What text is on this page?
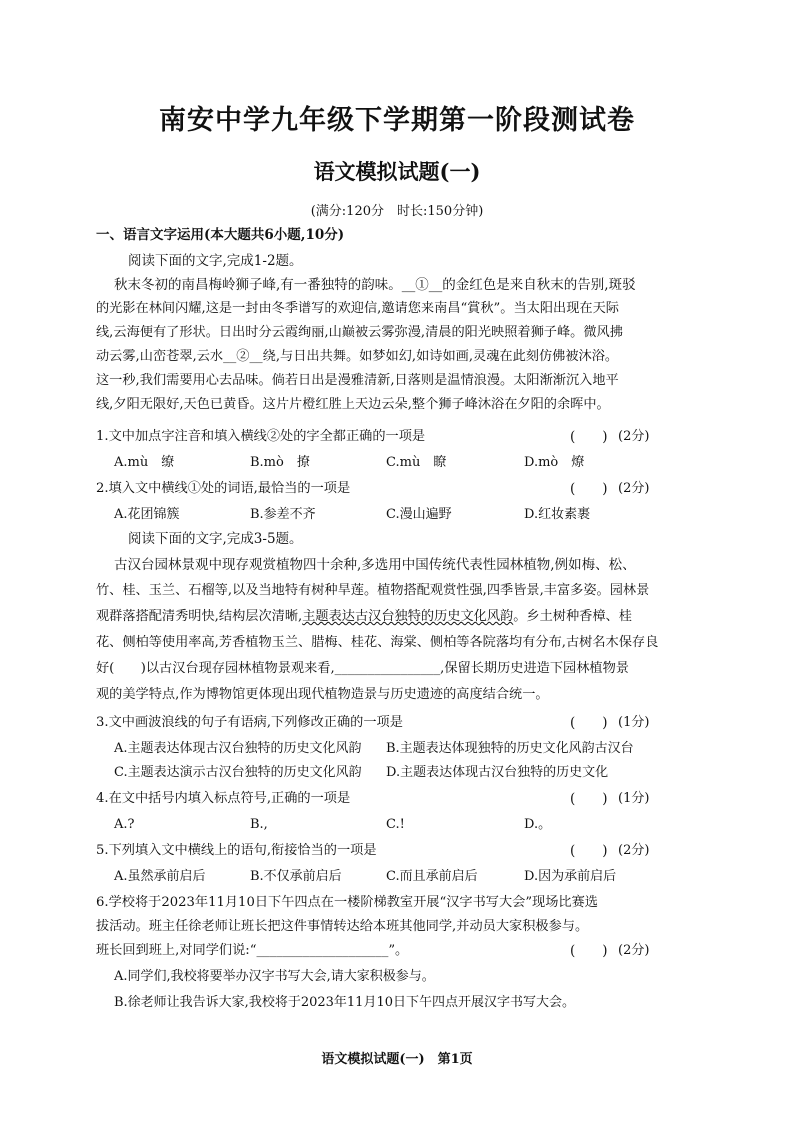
南安中学九年级下学期第一阶段测试卷
语文模拟试题(一)
(满分:120分　时长:150分钟)
一、语言文字运用(本大题共6小题,10分)
阅读下面的文字,完成1-2题。
秋末冬初的南昌梅岭狮子峰,有一番独特的韵味。__①__的金红色是来自秋末的告别,斑驳
的光影在林间闪耀,这是一封由冬季谱写的欢迎信,邀请您来南昌“賞秋”。当太阳出现在天际
线,云海便有了形状。日出时分云霞绚丽,山巅被云雾弥漫,清晨的阳光映照着狮子峰。微风拂
动云雾,山峦苍翠,云水__②__绕,与日出共舞。如梦如幻,如诗如画,灵魂在此刻仿佛被沐浴。
这一秒,我们需要用心去品味。倘若日出是漫雅清新,日落则是温情浪漫。太阳渐渐沉入地平
线,夕阳无限好,天色已黄昏。这片片橙红胜上天边云朵,整个狮子峰沐浴在夕阳的余晖中。
1.文中加点字注音和填入横线②处的字全都正确的一项是	(　　) (2分)
A.mù　缭	B.mò　撩	C.mù　瞭	D.mò　燎
2.填入文中横线①处的词语,最恰当的一项是	(　　) (2分)
A.花团锦簇	B.参差不齐	C.漫山遍野	D.红妆素裹
阅读下面的文字,完成3-5题。
古汉台园林景观中现存观赏植物四十余种,多选用中国传统代表性园林植物,例如梅、松、
竹、桂、玉兰、石榴等,以及当地特有树种旱莲。植物搭配观赏性强,四季皆景,丰富多姿。园林景
观群落搭配清秀明快,结构层次清晰,主题表达古汉台独特的历史文化风韵。乡土树种香樟、桂
花、侧柏等使用率高,芳香植物玉兰、腊梅、桂花、海棠、侧柏等各院落均有分布,古树名木保存良
好(　　)以古汉台现存园林植物景观来看,________________,保留长期历史进造下园林植物景
观的美学特点,作为博物馆更体现出现代植物造景与历史遗迹的高度结合统一。
3.文中画波浪线的句子有语病,下列修改正确的一项是	(　　) (1分)
A.主题表达体现古汉台独特的历史文化风韵 B.主题表达体现独特的历史文化风韵古汉台
C.主题表达演示古汉台独特的历史文化风韵 D.主题表达体现古汉台独特的历史文化
4.在文中括号内填入标点符号,正确的一项是	(　　) (1分)
A.?	B.,	C.!	D.。
5.下列填入文中横线上的语句,衔接恰当的一项是	(　　) (2分)
A.虽然承前启后	B.不仅承前启后	C.而且承前启后	D.因为承前启后
6.学校将于2023年11月10日下午四点在一楼阶梯教室开展“汉字书写大会”现场比赛选
拔活动。班主任徐老师让班长把这件事情转达给本班其他同学,并动员大家积极参与。
班长回到班上,对同学们说:“____________________”。	(　　) (2分)
A.同学们,我校将要举办汉字书写大会,请大家积极参与。
B.徐老师让我告诉大家,我校将于2023年11月10日下午四点开展汉字书写大会。
语文模拟试题(一)　第1页
